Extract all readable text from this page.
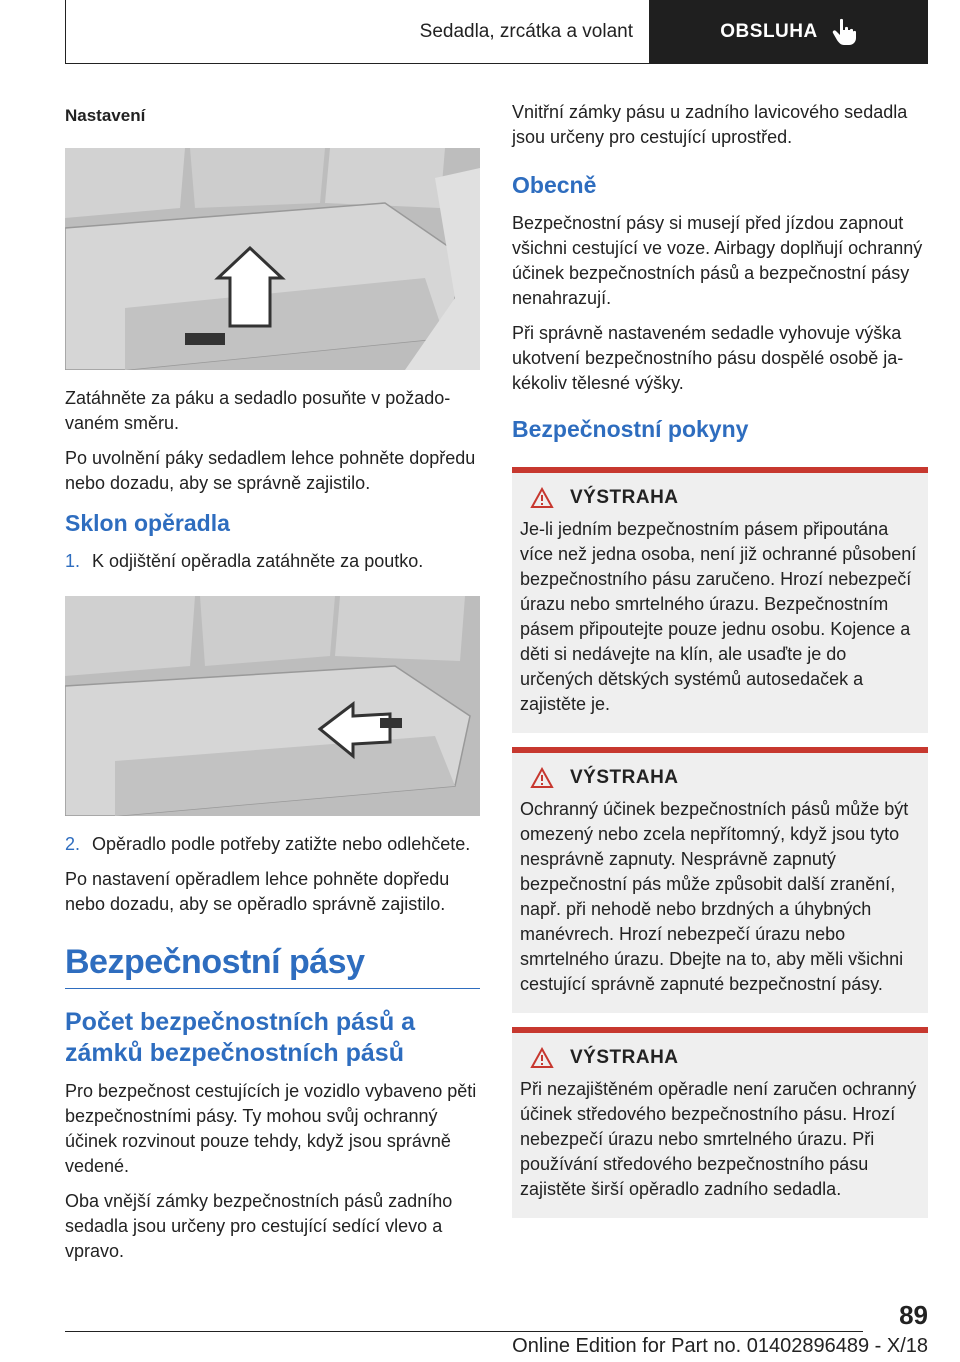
Sedadla, zrcátka a volant	OBSLUHA
Nastavení

Zatáhněte za páku a sedadlo posuňte v požadovaném směru.

Po uvolnění páky sedadlem lehce pohněte dopředu nebo dozadu, aby se správně zajistilo.

Sklon opěradla
1. K odjištění opěradla zatáhněte za poutko.
2. Opěradlo podle potřeby zatižte nebo odlehčete.

Po nastavení opěradlem lehce pohněte dopředu nebo dozadu, aby se opěradlo správně zajistilo.

Bezpečnostní pásy
Počet bezpečnostních pásů a zámků bezpečnostních pásů

Pro bezpečnost cestujících je vozidlo vybaveno pěti bezpečnostními pásy. Ty mohou svůj ochranný účinek rozvinout pouze tehdy, když jsou správně vedené.

Oba vnější zámky bezpečnostních pásů zadního sedadla jsou určeny pro cestující sedící vlevo a vpravo.

Vnitřní zámky pásu u zadního lavicového sedadla jsou určeny pro cestující uprostřed.

Obecně

Bezpečnostní pásy si musejí před jízdou zapnout všichni cestující ve voze. Airbagy doplňují ochranný účinek bezpečnostních pásů a bezpečnostní pásy nenahrazují.

Při správně nastaveném sedadle vyhovuje výška ukotvení bezpečnostního pásu dospělé osobě jakékoliv tělesné výšky.

Bezpečnostní pokyny
VÝSTRAHA

Je-li jedním bezpečnostním pásem připoutána více než jedna osoba, není již ochranné působení bezpečnostního pásu zaručeno. Hrozí nebezpečí úrazu nebo smrtelného úrazu. Bezpečnostním pásem připoutejte pouze jednu osobu. Kojence a děti si nedávejte na klín, ale usaďte je do určených dětských systémů autosedaček a zajistěte je.

VÝSTRAHA

Ochranný účinek bezpečnostních pásů může být omezený nebo zcela nepřítomný, když jsou tyto nesprávně zapnuty. Nesprávně zapnutý bezpečnostní pás může způsobit další zranění, např. při nehodě nebo brzdných a úhybných manévrech. Hrozí nebezpečí úrazu nebo smrtelného úrazu. Dbejte na to, aby měli všichni cestující správně zapnuté bezpečnostní pásy.

VÝSTRAHA

Při nezajištěném opěradle není zaručen ochranný účinek středového bezpečnostního pásu. Hrozí nebezpečí úrazu nebo smrtelného úrazu. Při používání středového bezpečnostního pásu zajistěte širší opěradlo zadního sedadla.

89
Online Edition for Part no. 01402896489 - X/18
